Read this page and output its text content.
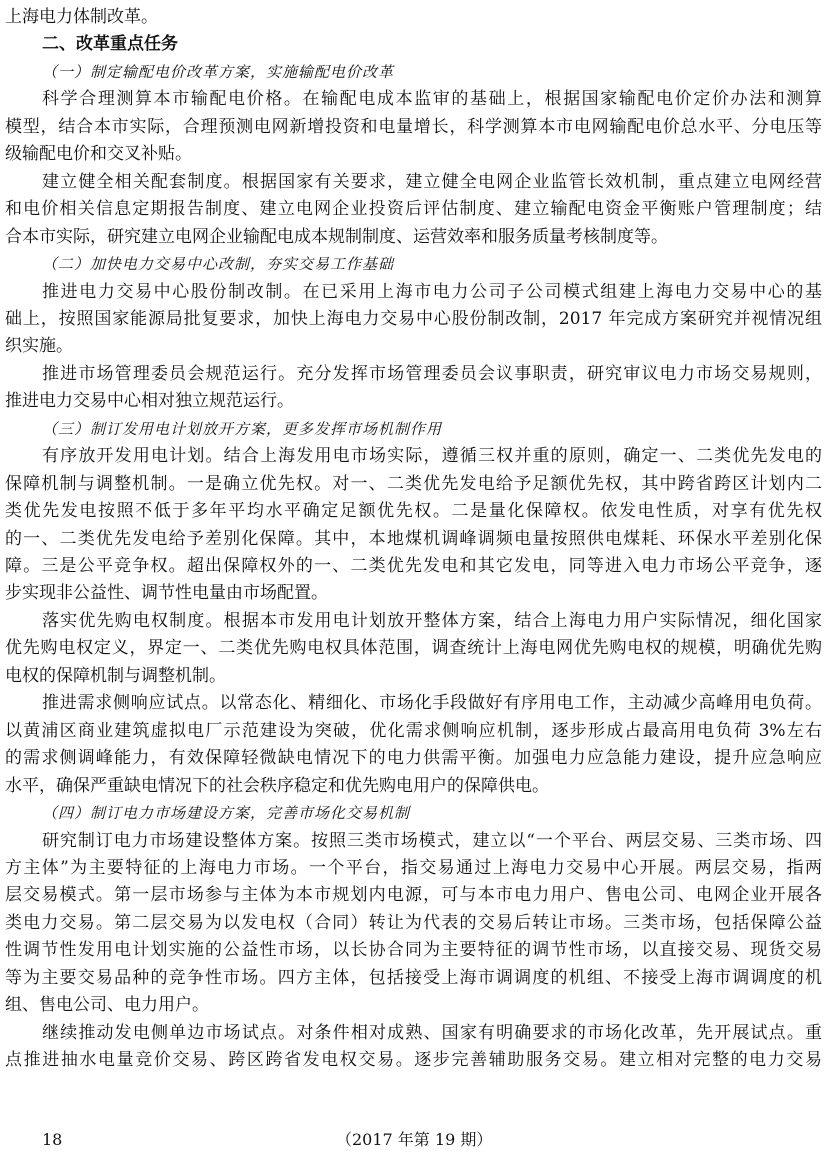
上海电力体制改革。
二、改革重点任务
（一）制定输配电价改革方案，实施输配电价改革
科学合理测算本市输配电价格。在输配电成本监审的基础上，根据国家输配电价定价办法和测算
模型，结合本市实际，合理预测电网新增投资和电量增长，科学测算本市电网输配电价总水平、分电压等
级输配电价和交叉补贴。
建立健全相关配套制度。根据国家有关要求，建立健全电网企业监管长效机制，重点建立电网经营
和电价相关信息定期报告制度、建立电网企业投资后评估制度、建立输配电资金平衡账户管理制度；结
合本市实际，研究建立电网企业输配电成本规制制度、运营效率和服务质量考核制度等。
（二）加快电力交易中心改制，夯实交易工作基础
推进电力交易中心股份制改制。在已采用上海市电力公司子公司模式组建上海电力交易中心的基
础上，按照国家能源局批复要求，加快上海电力交易中心股份制改制，2017 年完成方案研究并视情况组
织实施。
推进市场管理委员会规范运行。充分发挥市场管理委员会议事职责，研究审议电力市场交易规则，
推进电力交易中心相对独立规范运行。
（三）制订发用电计划放开方案，更多发挥市场机制作用
有序放开发用电计划。结合上海发用电市场实际，遵循三权并重的原则，确定一、二类优先发电的
保障机制与调整机制。一是确立优先权。对一、二类优先发电给予足额优先权，其中跨省跨区计划内二
类优先发电按照不低于多年平均水平确定足额优先权。二是量化保障权。依发电性质，对享有优先权
的一、二类优先发电给予差别化保障。其中，本地煤机调峰调频电量按照供电煤耗、环保水平差别化保
障。三是公平竞争权。超出保障权外的一、二类优先发电和其它发电，同等进入电力市场公平竞争，逐
步实现非公益性、调节性电量由市场配置。
落实优先购电权制度。根据本市发用电计划放开整体方案，结合上海电力用户实际情况，细化国家
优先购电权定义，界定一、二类优先购电权具体范围，调查统计上海电网优先购电权的规模，明确优先购
电权的保障机制与调整机制。
推进需求侧响应试点。以常态化、精细化、市场化手段做好有序用电工作，主动减少高峰用电负荷。
以黄浦区商业建筑虚拟电厂示范建设为突破，优化需求侧响应机制，逐步形成占最高用电负荷 3%左右
的需求侧调峰能力，有效保障轻微缺电情况下的电力供需平衡。加强电力应急能力建设，提升应急响应
水平，确保严重缺电情况下的社会秩序稳定和优先购电用户的保障供电。
（四）制订电力市场建设方案，完善市场化交易机制
研究制订电力市场建设整体方案。按照三类市场模式，建立以“一个平台、两层交易、三类市场、四
方主体”为主要特征的上海电力市场。一个平台，指交易通过上海电力交易中心开展。两层交易，指两
层交易模式。第一层市场参与主体为本市规划内电源，可与本市电力用户、售电公司、电网企业开展各
类电力交易。第二层交易为以发电权（合同）转让为代表的交易后转让市场。三类市场，包括保障公益
性调节性发用电计划实施的公益性市场，以长协合同为主要特征的调节性市场，以直接交易、现货交易
等为主要交易品种的竞争性市场。四方主体，包括接受上海市调调度的机组、不接受上海市调调度的机
组、售电公司、电力用户。
继续推动发电侧单边市场试点。对条件相对成熟、国家有明确要求的市场化改革，先开展试点。重
点推进抽水电量竞价交易、跨区跨省发电权交易。逐步完善辅助服务交易。建立相对完整的电力交易
18	（2017 年第 19 期）
